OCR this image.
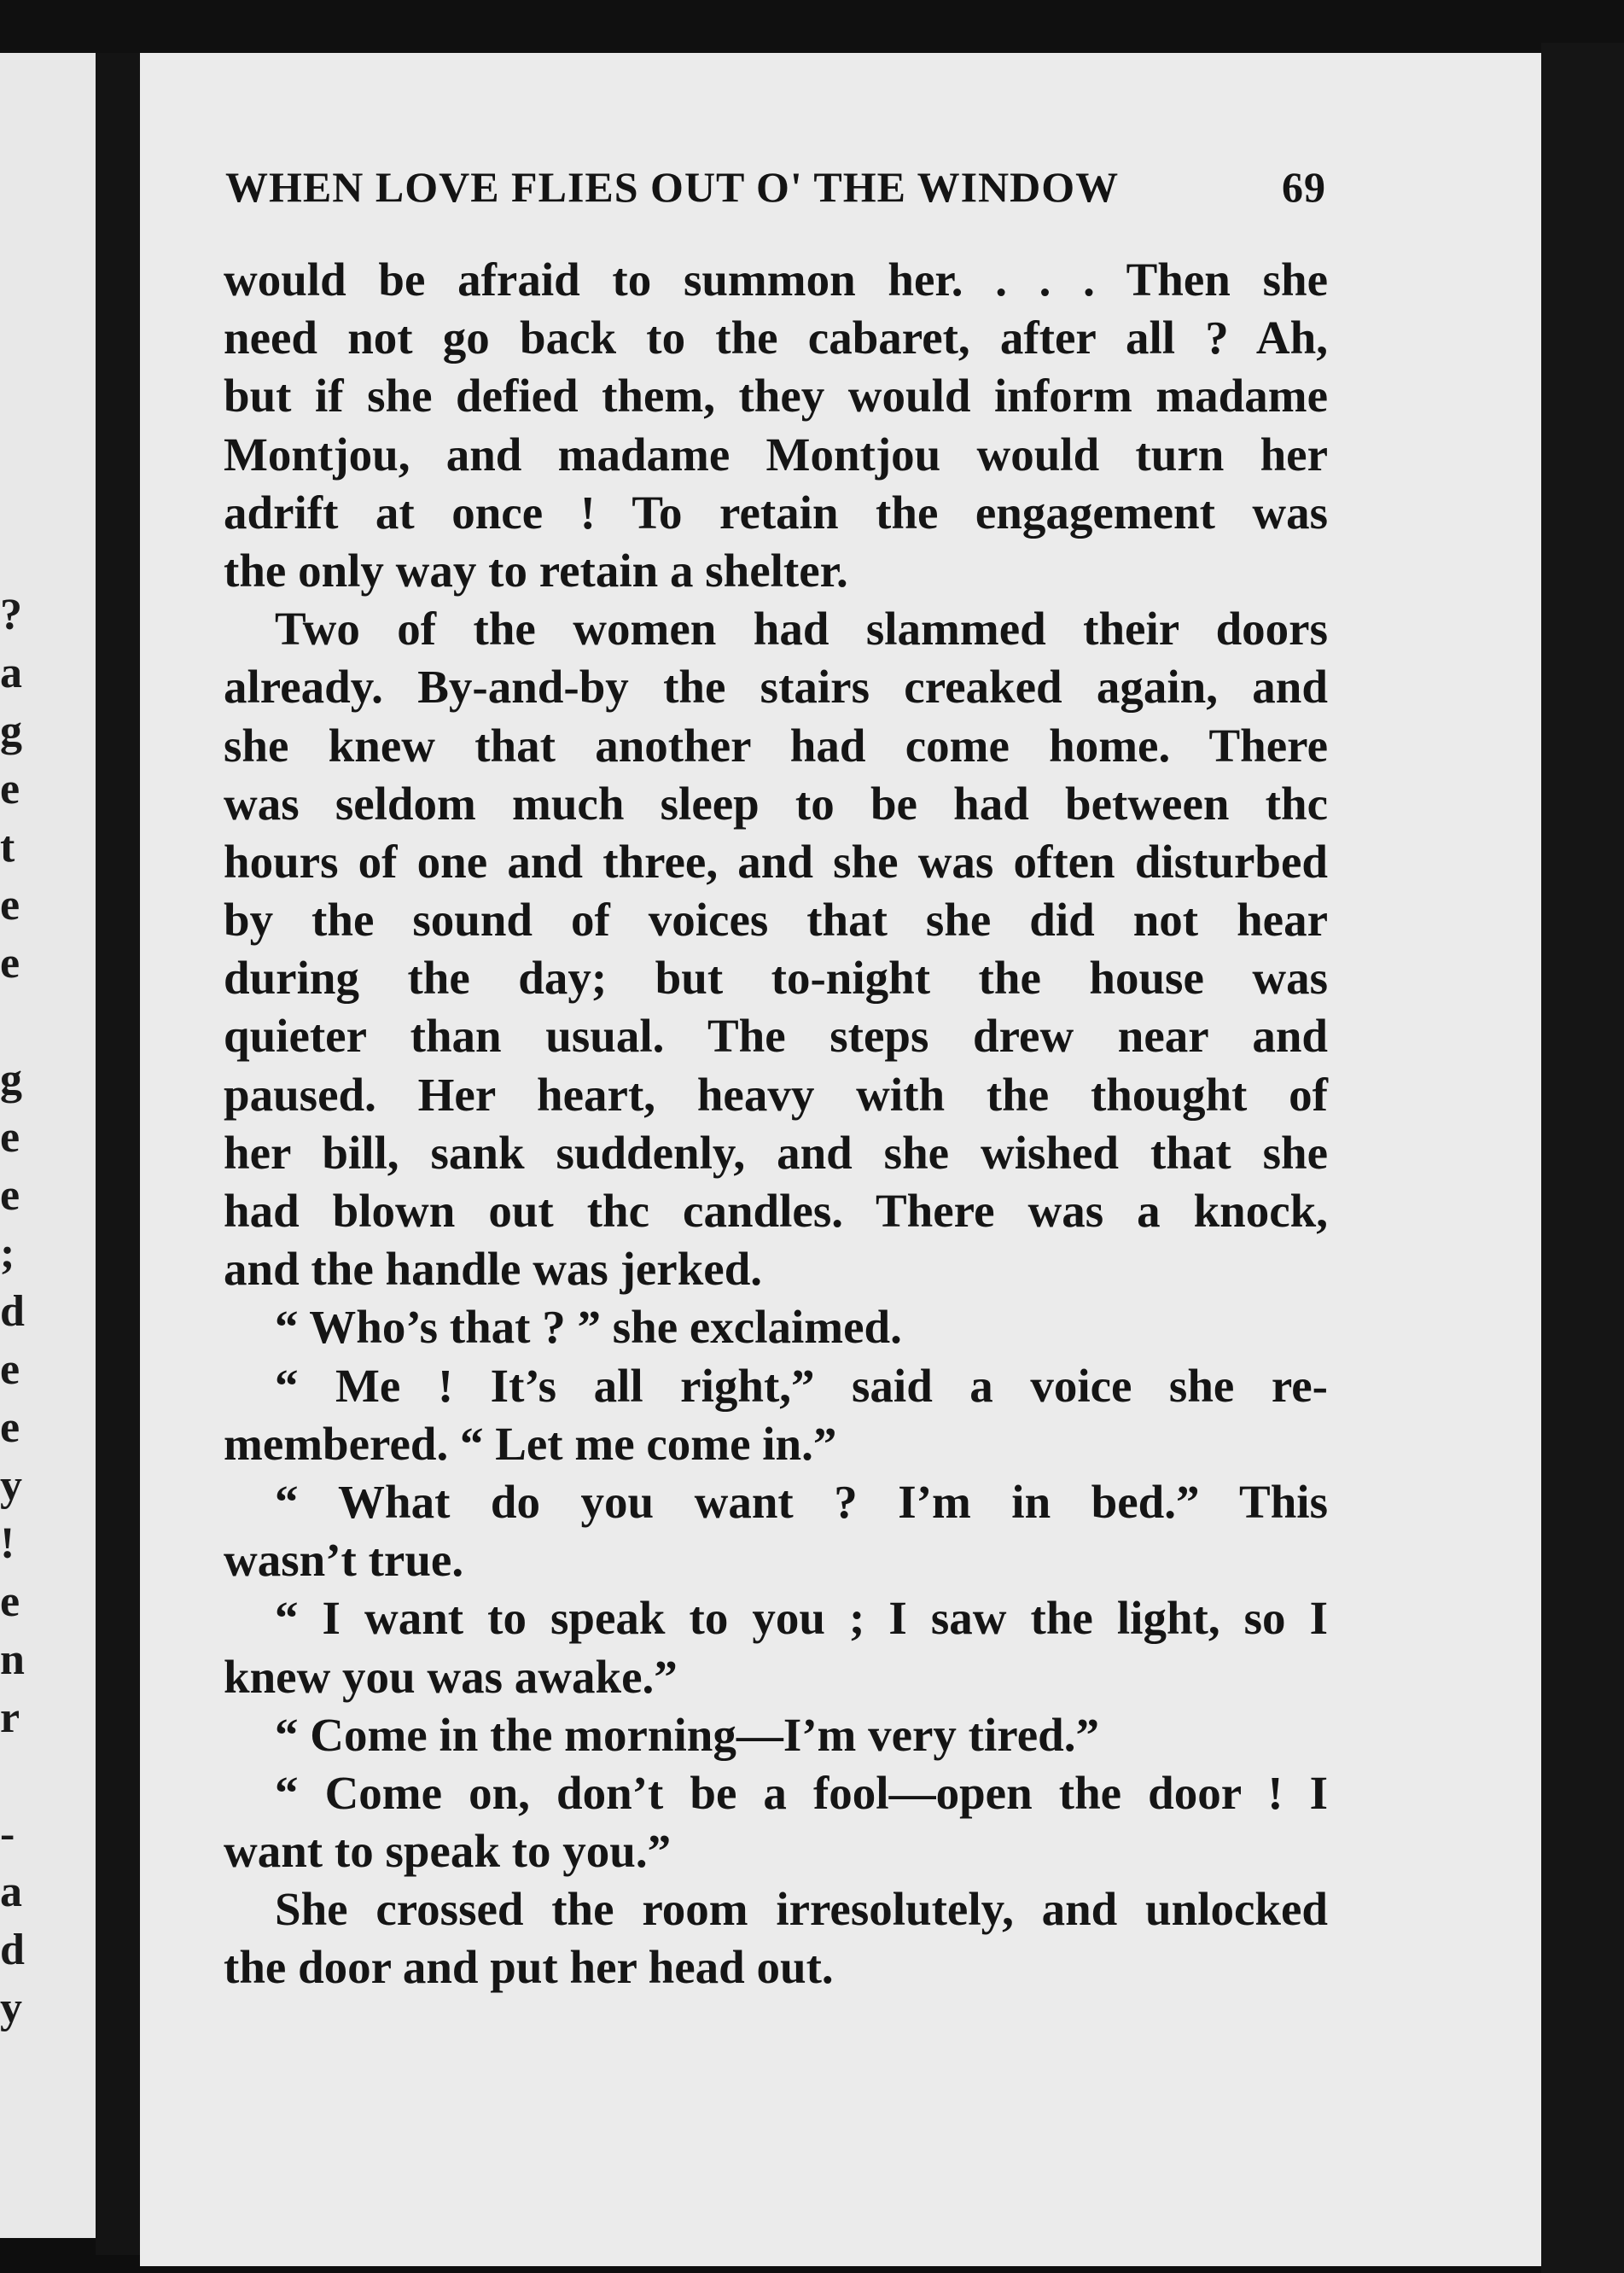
?
a
g
e
t
e
e
g
e
e
;
d
e
e
y
!
e
n
r
-
a
d
y
WHEN LOVE FLIES OUT O' THE WINDOW	69
would be afraid to summon her. . . . Then she
need not go back to the cabaret, after all ? Ah,
but if she defied them, they would inform madame
Montjou, and madame Montjou would turn her
adrift at once ! To retain the engagement was
the only way to retain a shelter.
Two of the women had slammed their doors
already. By-and-by the stairs creaked again, and
she knew that another had come home. There
was seldom much sleep to be had between thc
hours of one and three, and she was often disturbed
by the sound of voices that she did not hear
during the day; but to-night the house was
quieter than usual. The steps drew near and
paused. Her heart, heavy with the thought of
her bill, sank suddenly, and she wished that she
had blown out thc candles. There was a knock,
and the handle was jerked.
“ Who’s that ? ” she exclaimed.
“ Me ! It’s all right,” said a voice she re-
membered. “ Let me come in.”
“ What do you want ? I’m in bed.” This
wasn’t true.
“ I want to speak to you ; I saw the light, so I
knew you was awake.”
“ Come in the morning—I’m very tired.”
“ Come on, don’t be a fool—open the door ! I
want to speak to you.”
She crossed the room irresolutely, and unlocked
the door and put her head out.
